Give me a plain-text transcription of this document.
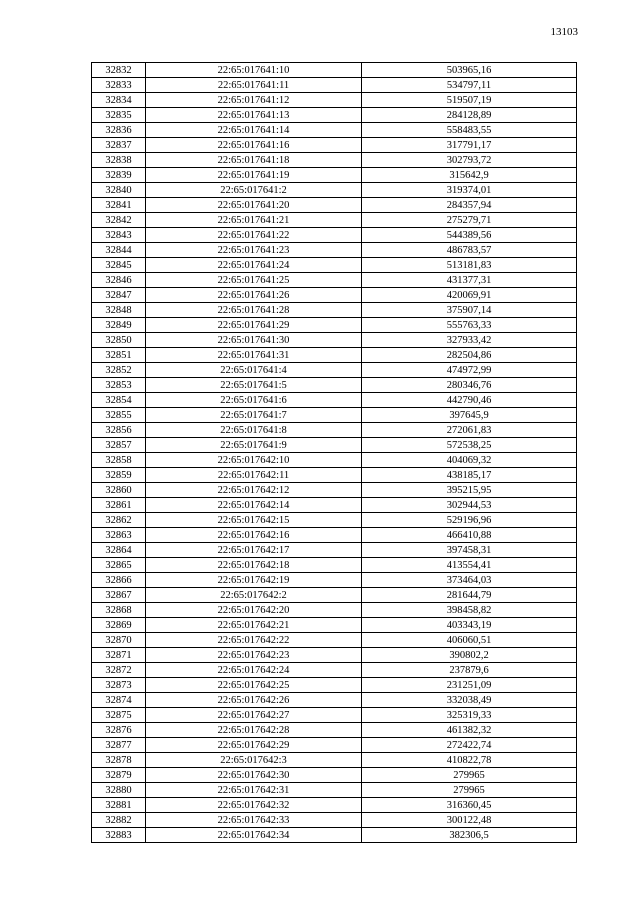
13103
32832	22:65:017641:10	503965,16
32833	22:65:017641:11	534797,11
32834	22:65:017641:12	519507,19
32835	22:65:017641:13	284128,89
32836	22:65:017641:14	558483,55
32837	22:65:017641:16	317791,17
32838	22:65:017641:18	302793,72
32839	22:65:017641:19	315642,9
32840	22:65:017641:2	319374,01
32841	22:65:017641:20	284357,94
32842	22:65:017641:21	275279,71
32843	22:65:017641:22	544389,56
32844	22:65:017641:23	486783,57
32845	22:65:017641:24	513181,83
32846	22:65:017641:25	431377,31
32847	22:65:017641:26	420069,91
32848	22:65:017641:28	375907,14
32849	22:65:017641:29	555763,33
32850	22:65:017641:30	327933,42
32851	22:65:017641:31	282504,86
32852	22:65:017641:4	474972,99
32853	22:65:017641:5	280346,76
32854	22:65:017641:6	442790,46
32855	22:65:017641:7	397645,9
32856	22:65:017641:8	272061,83
32857	22:65:017641:9	572538,25
32858	22:65:017642:10	404069,32
32859	22:65:017642:11	438185,17
32860	22:65:017642:12	395215,95
32861	22:65:017642:14	302944,53
32862	22:65:017642:15	529196,96
32863	22:65:017642:16	466410,88
32864	22:65:017642:17	397458,31
32865	22:65:017642:18	413554,41
32866	22:65:017642:19	373464,03
32867	22:65:017642:2	281644,79
32868	22:65:017642:20	398458,82
32869	22:65:017642:21	403343,19
32870	22:65:017642:22	406060,51
32871	22:65:017642:23	390802,2
32872	22:65:017642:24	237879,6
32873	22:65:017642:25	231251,09
32874	22:65:017642:26	332038,49
32875	22:65:017642:27	325319,33
32876	22:65:017642:28	461382,32
32877	22:65:017642:29	272422,74
32878	22:65:017642:3	410822,78
32879	22:65:017642:30	279965
32880	22:65:017642:31	279965
32881	22:65:017642:32	316360,45
32882	22:65:017642:33	300122,48
32883	22:65:017642:34	382306,5
